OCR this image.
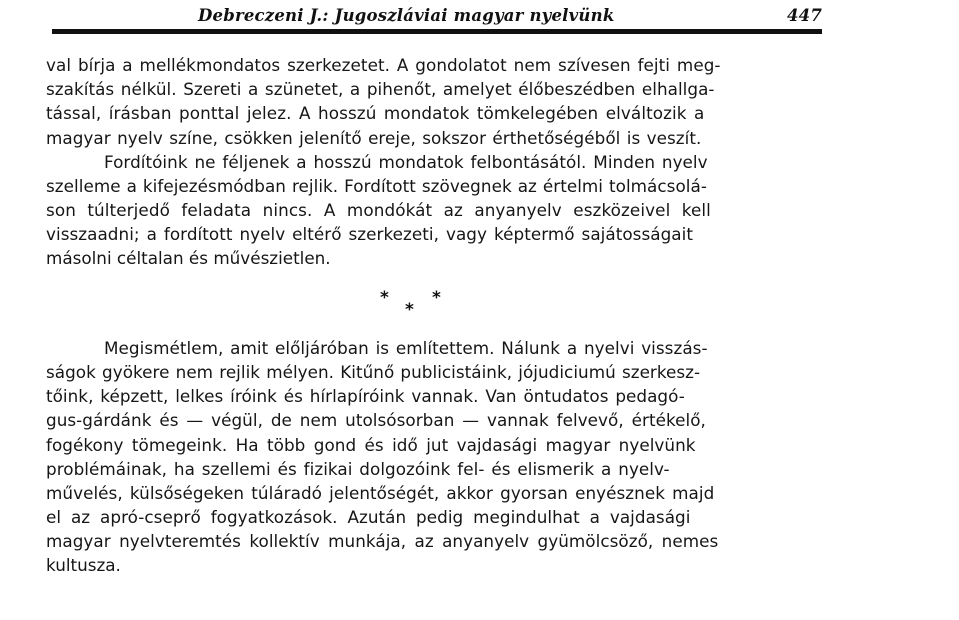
Debreczeni J.: Jugoszláviai magyar nyelvünk	447
val bírja a mellékmondatos szerkezetet. A gondolatot nem szívesen fejti meg-
szakítás nélkül. Szereti a szünetet, a pihenőt, amelyet élőbeszédben elhallga-
tással, írásban ponttal jelez. A hosszú mondatok tömkelegében elváltozik a
magyar nyelv színe, csökken jelenítő ereje, sokszor érthetőségéből is veszít.
Fordítóink ne féljenek a hosszú mondatok felbontásától. Minden nyelv
szelleme a kifejezésmódban rejlik. Fordított szövegnek az értelmi tolmácsolá-
son túlterjedő feladata nincs. A mondókát az anyanyelv eszközeivel kell
visszaadni; a fordított nyelv eltérő szerkezeti, vagy képtermő sajátosságait
másolni céltalan és művészietlen.
*
*
*
Megismétlem, amit előljáróban is említettem. Nálunk a nyelvi visszás-
ságok gyökere nem rejlik mélyen. Kitűnő publicistáink, jójudiciumú szerkesz-
tőink, képzett, lelkes íróink és hírlapíróink vannak. Van öntudatos pedagó-
gus-gárdánk és — végül, de nem utolsósorban — vannak felvevő, értékelő,
fogékony tömegeink. Ha több gond és idő jut vajdasági magyar nyelvünk
problémáinak, ha szellemi és fizikai dolgozóink fel- és elismerik a nyelv-
művelés, külsőségeken túláradó jelentőségét, akkor gyorsan enyésznek majd
el az apró-cseprő fogyatkozások. Azután pedig megindulhat a vajdasági
magyar nyelvteremtés kollektív munkája, az anyanyelv gyümölcsöző, nemes
kultusza.
